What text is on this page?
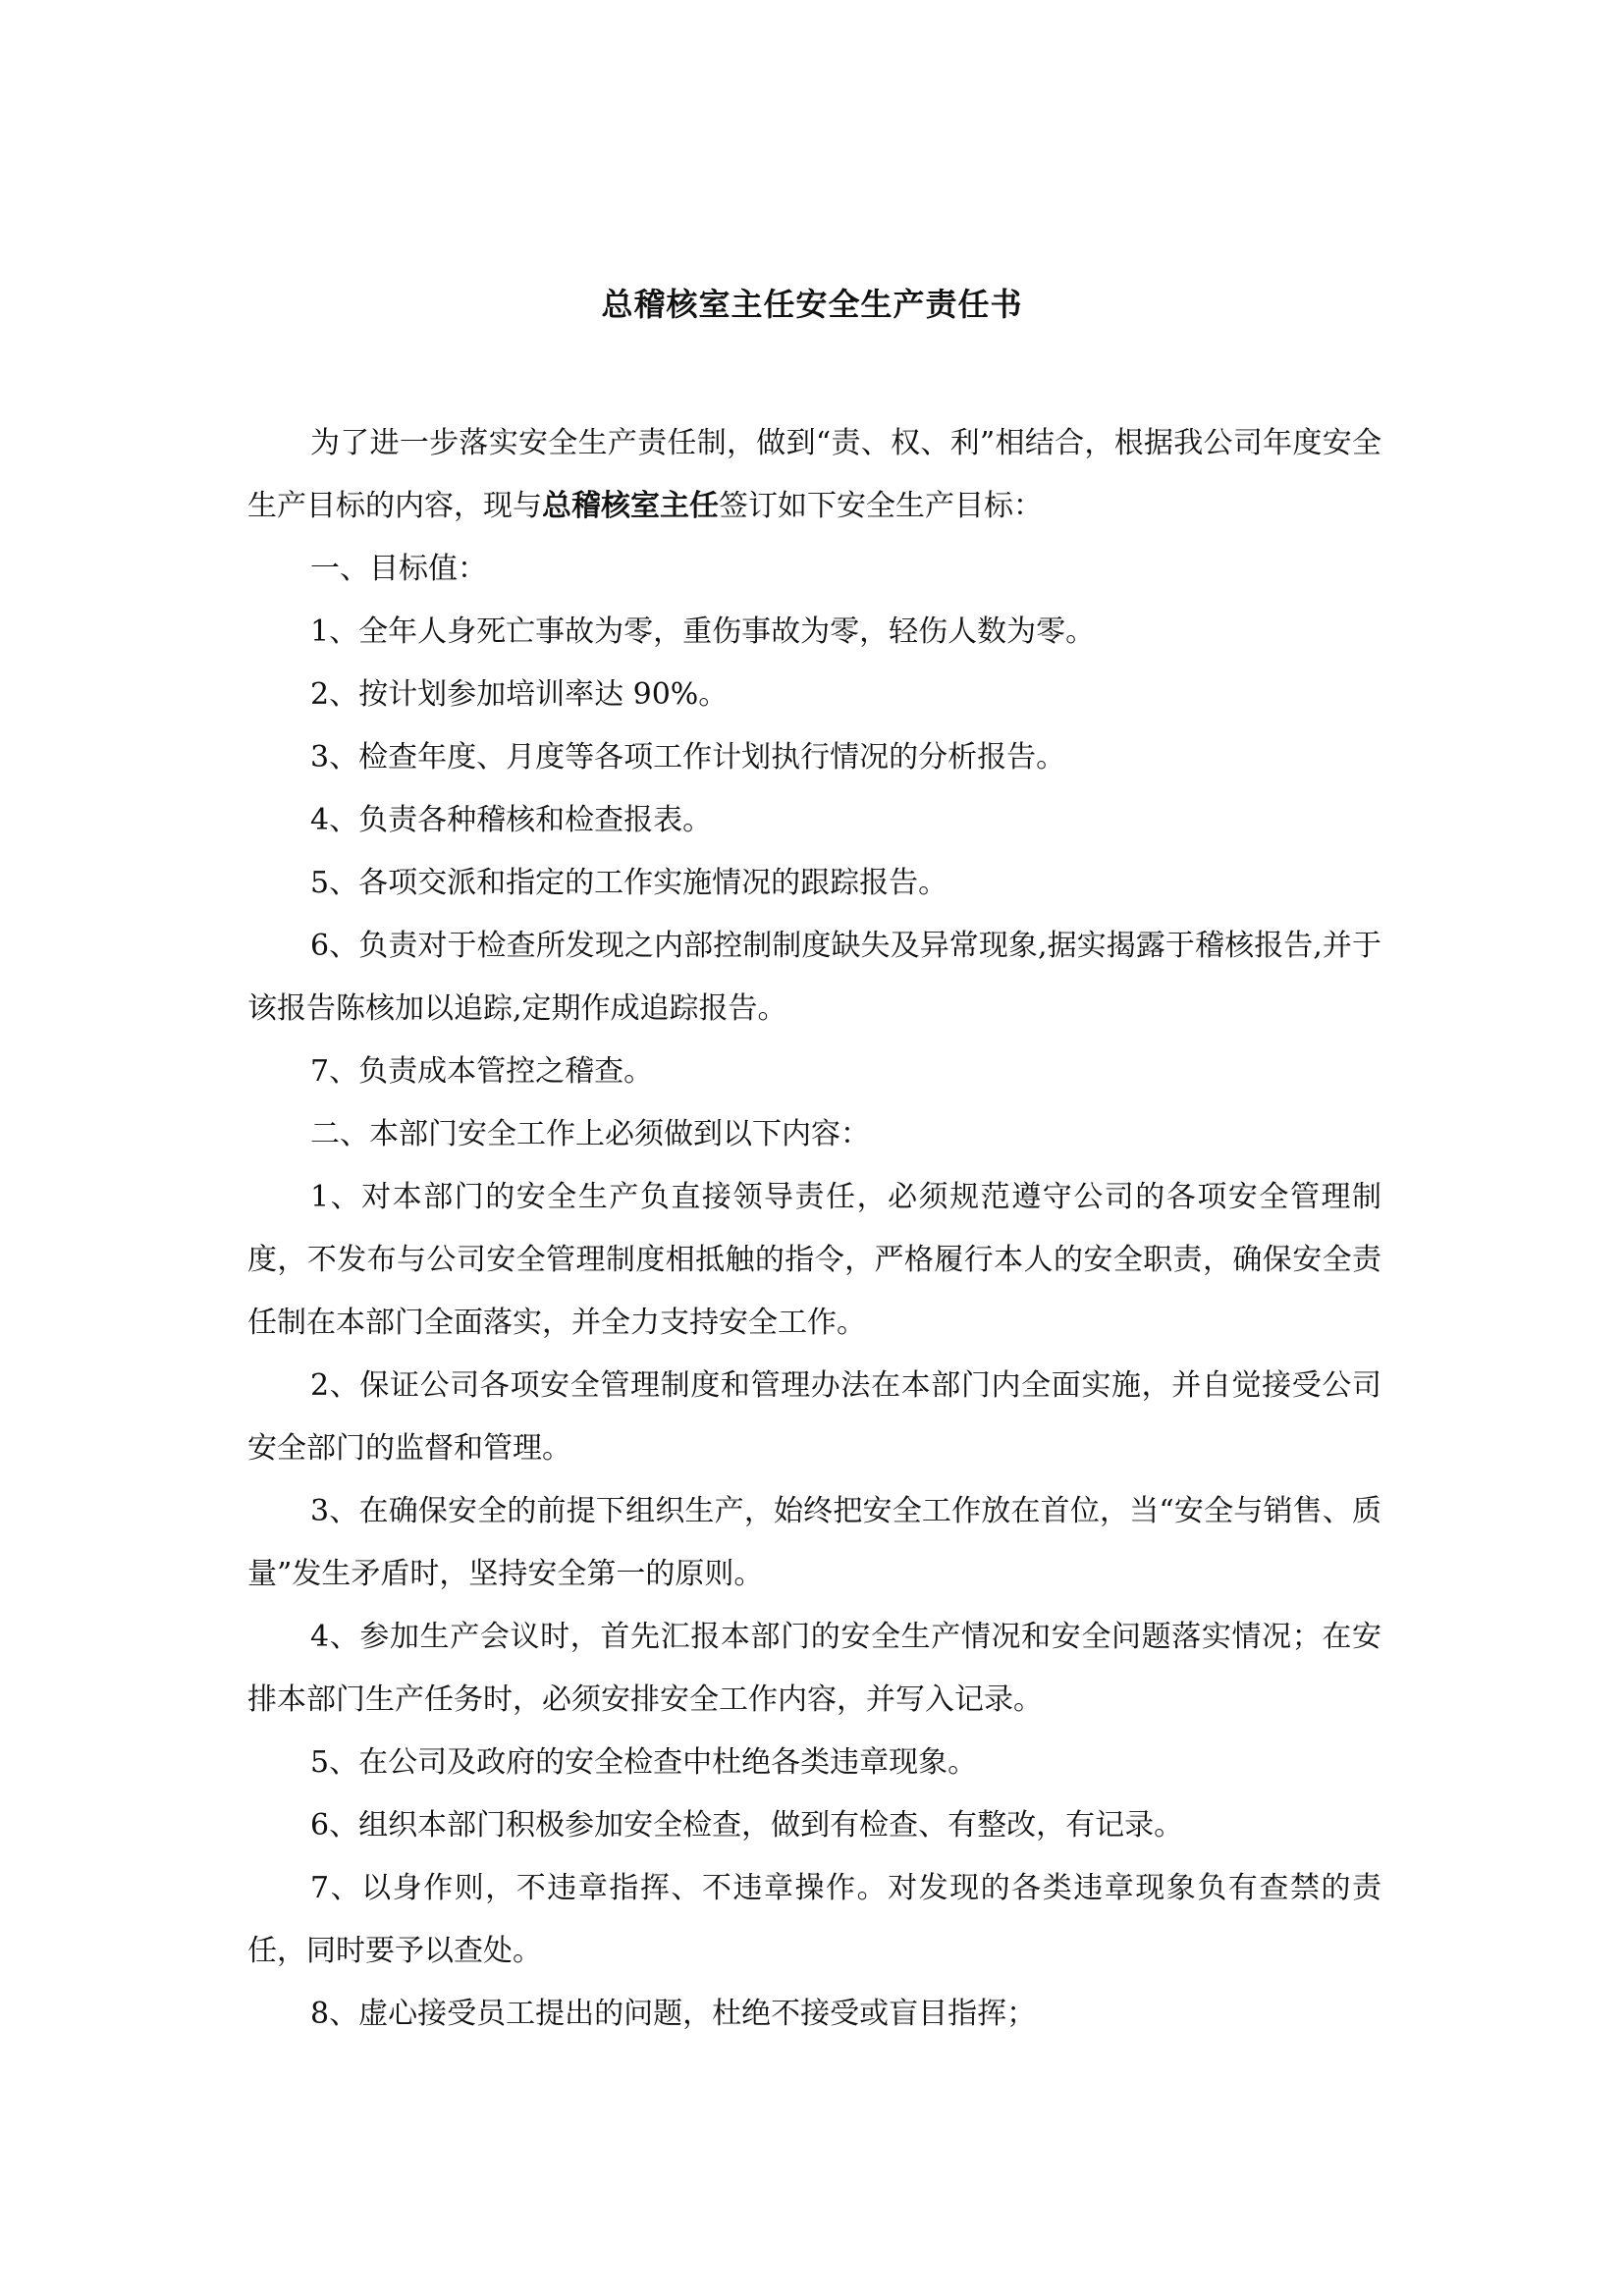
总稽核室主任安全生产责任书

为了进一步落实安全生产责任制，做到“责、权、利”相结合，根据我公司年度安全生产目标的内容，现与总稽核室主任签订如下安全生产目标：

一、目标值：

1、全年人身死亡事故为零，重伤事故为零，轻伤人数为零。

2、按计划参加培训率达 90%。

3、检查年度、月度等各项工作计划执行情况的分析报告。

4、负责各种稽核和检查报表。

5、各项交派和指定的工作实施情况的跟踪报告。

6、负责对于检查所发现之内部控制制度缺失及异常现象,据实揭露于稽核报告,并于该报告陈核加以追踪,定期作成追踪报告。

7、负责成本管控之稽查。

二、本部门安全工作上必须做到以下内容：

1、对本部门的安全生产负直接领导责任，必须规范遵守公司的各项安全管理制度，不发布与公司安全管理制度相抵触的指令，严格履行本人的安全职责，确保安全责任制在本部门全面落实，并全力支持安全工作。

2、保证公司各项安全管理制度和管理办法在本部门内全面实施，并自觉接受公司安全部门的监督和管理。

3、在确保安全的前提下组织生产，始终把安全工作放在首位，当“安全与销售、质量”发生矛盾时，坚持安全第一的原则。

4、参加生产会议时，首先汇报本部门的安全生产情况和安全问题落实情况；在安排本部门生产任务时，必须安排安全工作内容，并写入记录。

5、在公司及政府的安全检查中杜绝各类违章现象。

6、组织本部门积极参加安全检查，做到有检查、有整改，有记录。

7、以身作则，不违章指挥、不违章操作。对发现的各类违章现象负有查禁的责任，同时要予以查处。

8、虚心接受员工提出的问题，杜绝不接受或盲目指挥；
